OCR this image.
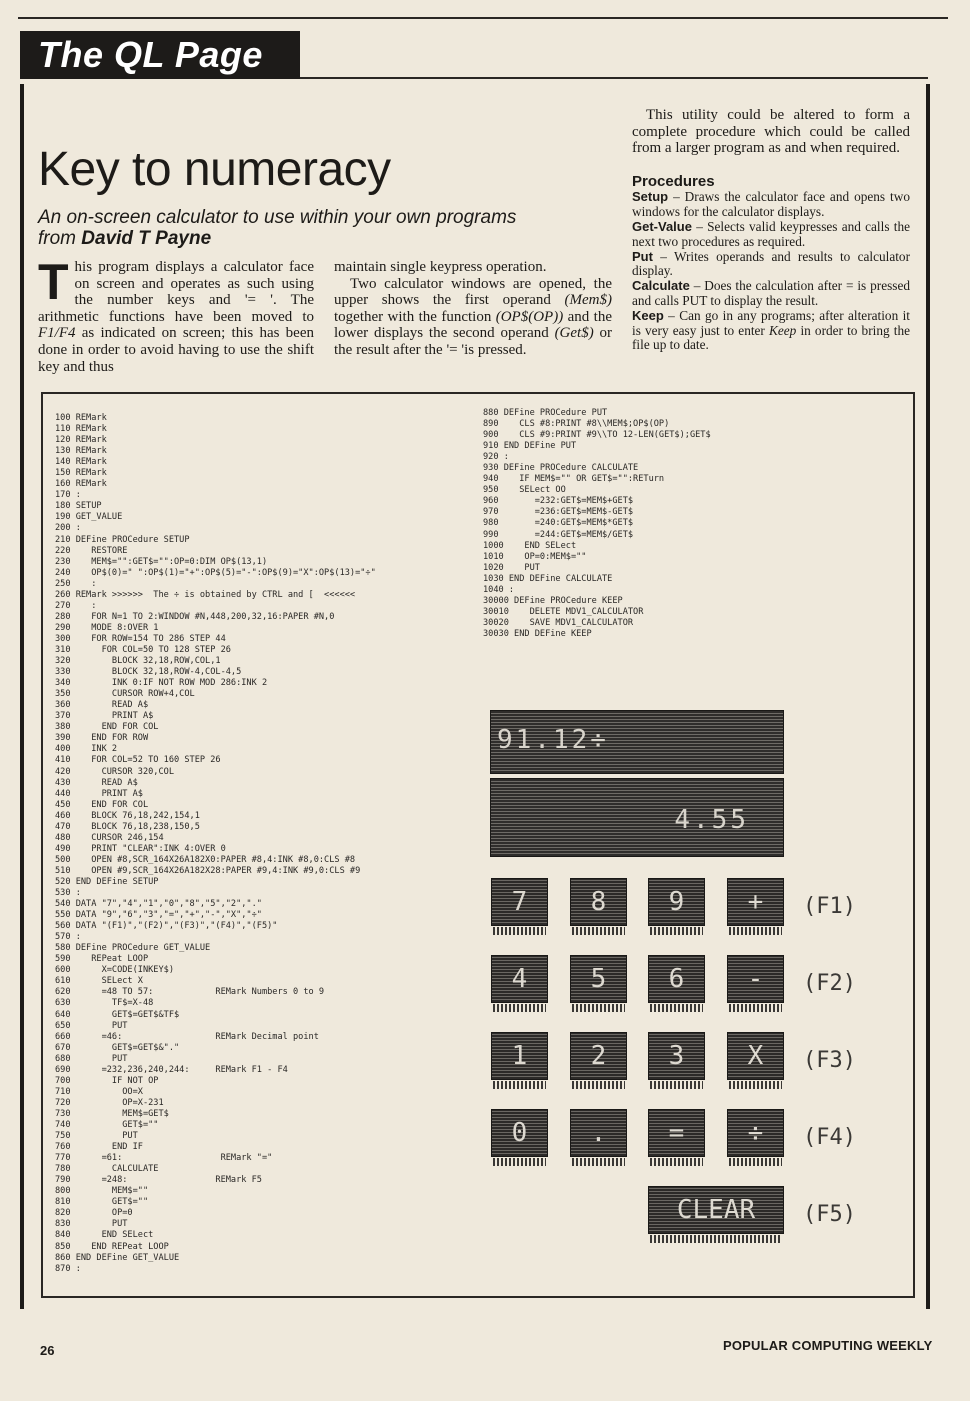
The QL Page
Key to numeracy
An on-screen calculator to use within your own programs
from David T Payne
This program displays a calculator face on screen and operates as such using the number keys and '= '. The arithmetic functions have been moved to F1/F4 as indicated on screen; this has been done in order to avoid having to use the shift key and thus
maintain single keypress operation.
Two calculator windows are opened, the upper shows the first operand (Mem$) together with the function (OP$(OP)) and the lower displays the second operand (Get$) or the result after the '= 'is pressed.
This utility could be altered to form a complete procedure which could be called from a larger program as and when required.
Procedures

Setup – Draws the calculator face and opens two windows for the calculator displays.

Get-Value – Selects valid keypresses and calls the next two procedures as required.

Put – Writes operands and results to calculator display.

Calculate – Does the calculation after = is pressed and calls PUT to display the result.

Keep – Can go in any programs; after alteration it is very easy just to enter Keep in order to bring the file up to date.

100 REMark
110 REMark
120 REMark
130 REMark
140 REMark
150 REMark
160 REMark
170 :
180 SETUP
190 GET_VALUE
200 :
210 DEFine PROCedure SETUP
220    RESTORE
230    MEM$="":GET$="":OP=0:DIM OP$(13,1)
240    OP$(0)=" ":OP$(1)="+":OP$(5)="-":OP$(9)="X":OP$(13)="÷"
250    :
260 REMark >>>>>>  The ÷ is obtained by CTRL and [  <<<<<<
270    :
280    FOR N=1 TO 2:WINDOW #N,448,200,32,16:PAPER #N,0
290    MODE 8:OVER 1
300    FOR ROW=154 TO 286 STEP 44
310      FOR COL=50 TO 128 STEP 26
320        BLOCK 32,18,ROW,COL,1
330        BLOCK 32,18,ROW-4,COL-4,5
340        INK 0:IF NOT ROW MOD 286:INK 2
350        CURSOR ROW+4,COL
360        READ A$
370        PRINT A$
380      END FOR COL
390    END FOR ROW
400    INK 2
410    FOR COL=52 TO 160 STEP 26
420      CURSOR 320,COL
430      READ A$
440      PRINT A$
450    END FOR COL
460    BLOCK 76,18,242,154,1
470    BLOCK 76,18,238,150,5
480    CURSOR 246,154
490    PRINT "CLEAR":INK 4:OVER 0
500    OPEN #8,SCR_164X26A182X0:PAPER #8,4:INK #8,0:CLS #8
510    OPEN #9,SCR_164X26A182X28:PAPER #9,4:INK #9,0:CLS #9
520 END DEFine SETUP
530 :
540 DATA "7","4","1","0","8","5","2","."
550 DATA "9","6","3","=","+","-","X","÷"
560 DATA "(F1)","(F2)","(F3)","(F4)","(F5)"
570 :
580 DEFine PROCedure GET_VALUE
590    REPeat LOOP
600      X=CODE(INKEY$)
610      SELect X
620      =48 TO 57:            REMark Numbers 0 to 9
630        TF$=X-48
640        GET$=GET$&TF$
650        PUT
660      =46:                  REMark Decimal point
670        GET$=GET$&"."
680        PUT
690      =232,236,240,244:     REMark F1 - F4
700        IF NOT OP
710          OO=X
720          OP=X-231
730          MEM$=GET$
740          GET$=""
750          PUT
760        END IF
770      =61:                   REMark "="
780        CALCULATE
790      =248:                 REMark F5
800        MEM$=""
810        GET$=""
820        OP=0
830        PUT
840      END SELect
850    END REPeat LOOP
860 END DEFine GET_VALUE
870 :
880 DEFine PROCedure PUT
890    CLS #8:PRINT #8\\MEM$;OP$(OP)
900    CLS #9:PRINT #9\\TO 12-LEN(GET$);GET$
910 END DEFine PUT
920 :
930 DEFine PROCedure CALCULATE
940    IF MEM$="" OR GET$="":RETurn
950    SELect OO
960       =232:GET$=MEM$+GET$
970       =236:GET$=MEM$-GET$
980       =240:GET$=MEM$*GET$
990       =244:GET$=MEM$/GET$
1000    END SELect
1010    OP=0:MEM$=""
1020    PUT
1030 END DEFine CALCULATE
1040 :
30000 DEFine PROCedure KEEP
30010    DELETE MDV1_CALCULATOR
30020    SAVE MDV1_CALCULATOR
30030 END DEFine KEEP
91.12÷
4.55
7	8	9	+	(F1)
4	5	6	-	(F2)
1	2	3	X	(F3)
0	.	=	÷	(F4)
CLEAR	(F5)
26	POPULAR COMPUTING WEEKLY
